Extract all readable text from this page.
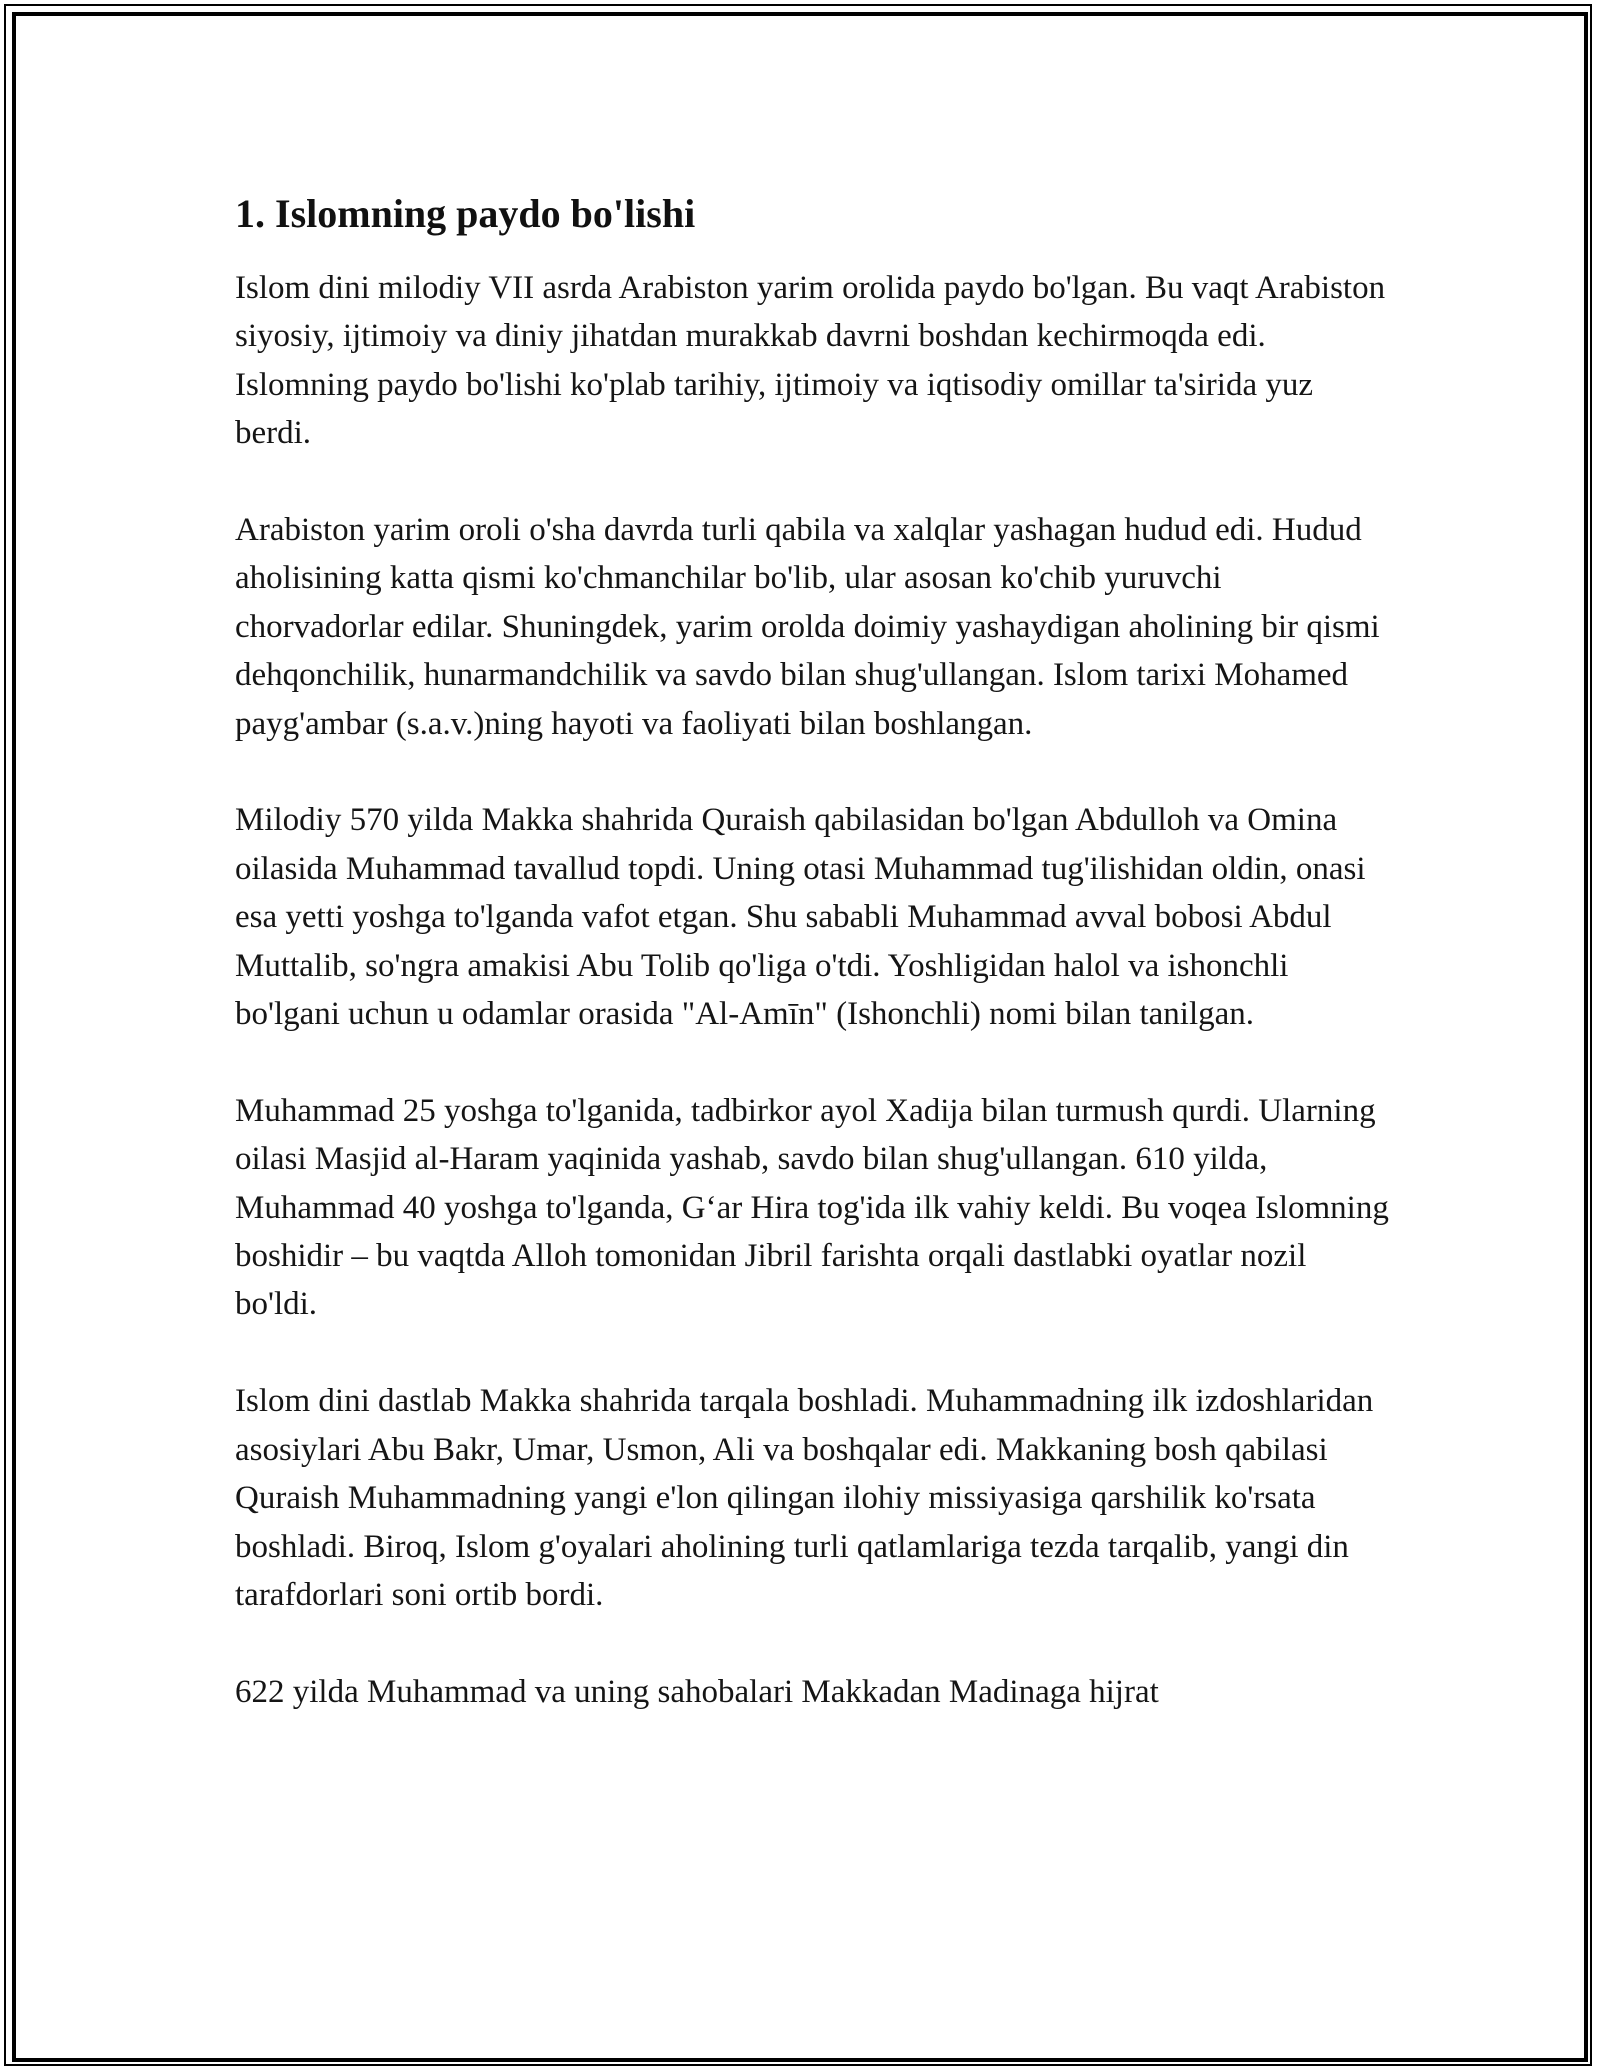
1. Islomning paydo bo'lishi

Islom dini milodiy VII asrda Arabiston yarim orolida paydo bo'lgan. Bu vaqt Arabiston siyosiy, ijtimoiy va diniy jihatdan murakkab davrni boshdan kechirmoqda edi. Islomning paydo bo'lishi ko'plab tarihiy, ijtimoiy va iqtisodiy omillar ta'sirida yuz berdi.

Arabiston yarim oroli o'sha davrda turli qabila va xalqlar yashagan hudud edi. Hudud aholisining katta qismi ko'chmanchilar bo'lib, ular asosan ko'chib yuruvchi chorvadorlar edilar. Shuningdek, yarim orolda doimiy yashaydigan aholining bir qismi dehqonchilik, hunarmandchilik va savdo bilan shug'ullangan. Islom tarixi Mohamed payg'ambar (s.a.v.)ning hayoti va faoliyati bilan boshlangan.

Milodiy 570 yilda Makka shahrida Quraish qabilasidan bo'lgan Abdulloh va Omina oilasida Muhammad tavallud topdi. Uning otasi Muhammad tug'ilishidan oldin, onasi esa yetti yoshga to'lganda vafot etgan. Shu sababli Muhammad avval bobosi Abdul Muttalib, so'ngra amakisi Abu Tolib qo'liga o'tdi. Yoshligidan halol va ishonchli bo'lgani uchun u odamlar orasida "Al-Amīn" (Ishonchli) nomi bilan tanilgan.

Muhammad 25 yoshga to'lganida, tadbirkor ayol Xadija bilan turmush qurdi. Ularning oilasi Masjid al-Haram yaqinida yashab, savdo bilan shug'ullangan. 610 yilda, Muhammad 40 yoshga to'lganda, G‘ar Hira tog'ida ilk vahiy keldi. Bu voqea Islomning boshidir – bu vaqtda Alloh tomonidan Jibril farishta orqali dastlabki oyatlar nozil bo'ldi.

Islom dini dastlab Makka shahrida tarqala boshladi. Muhammadning ilk izdoshlaridan asosiylari Abu Bakr, Umar, Usmon, Ali va boshqalar edi. Makkaning bosh qabilasi Quraish Muhammadning yangi e'lon qilingan ilohiy missiyasiga qarshilik ko'rsata boshladi. Biroq, Islom g'oyalari aholining turli qatlamlariga tezda tarqalib, yangi din tarafdorlari soni ortib bordi.

622 yilda Muhammad va uning sahobalari Makkadan Madinaga hijrat
